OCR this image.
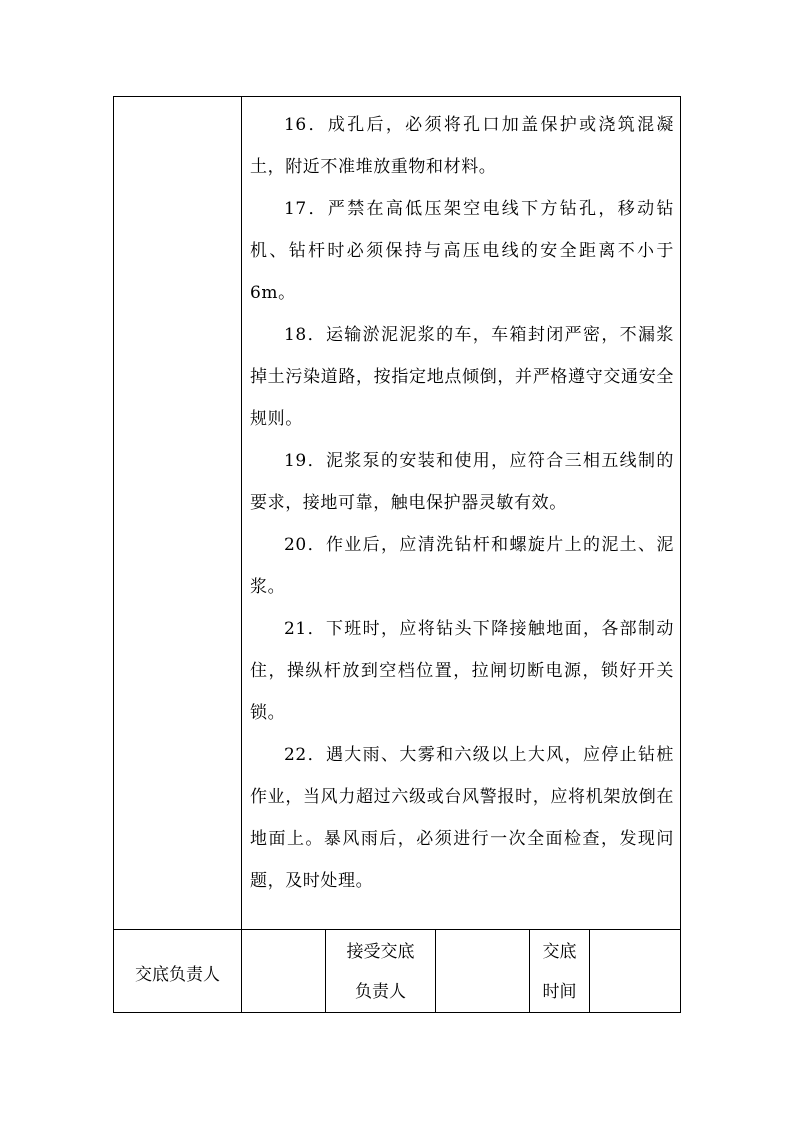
16．成孔后，必须将孔口加盖保护或浇筑混凝土，附近不准堆放重物和材料。

17．严禁在高低压架空电线下方钻孔，移动钻机、钻杆时必须保持与高压电线的安全距离不小于 6m。

18．运输淤泥泥浆的车，车箱封闭严密，不漏浆掉土污染道路，按指定地点倾倒，并严格遵守交通安全规则。

19．泥浆泵的安装和使用，应符合三相五线制的要求，接地可靠，触电保护器灵敏有效。

20．作业后，应清洗钻杆和螺旋片上的泥土、泥浆。

21．下班时，应将钻头下降接触地面，各部制动住，操纵杆放到空档位置，拉闸切断电源，锁好开关锁。

22．遇大雨、大雾和六级以上大风，应停止钻桩作业，当风力超过六级或台风警报时，应将机架放倒在地面上。暴风雨后，必须进行一次全面检查，发现问题，及时处理。

交底负责人
接受交底
负责人
交底
时间
